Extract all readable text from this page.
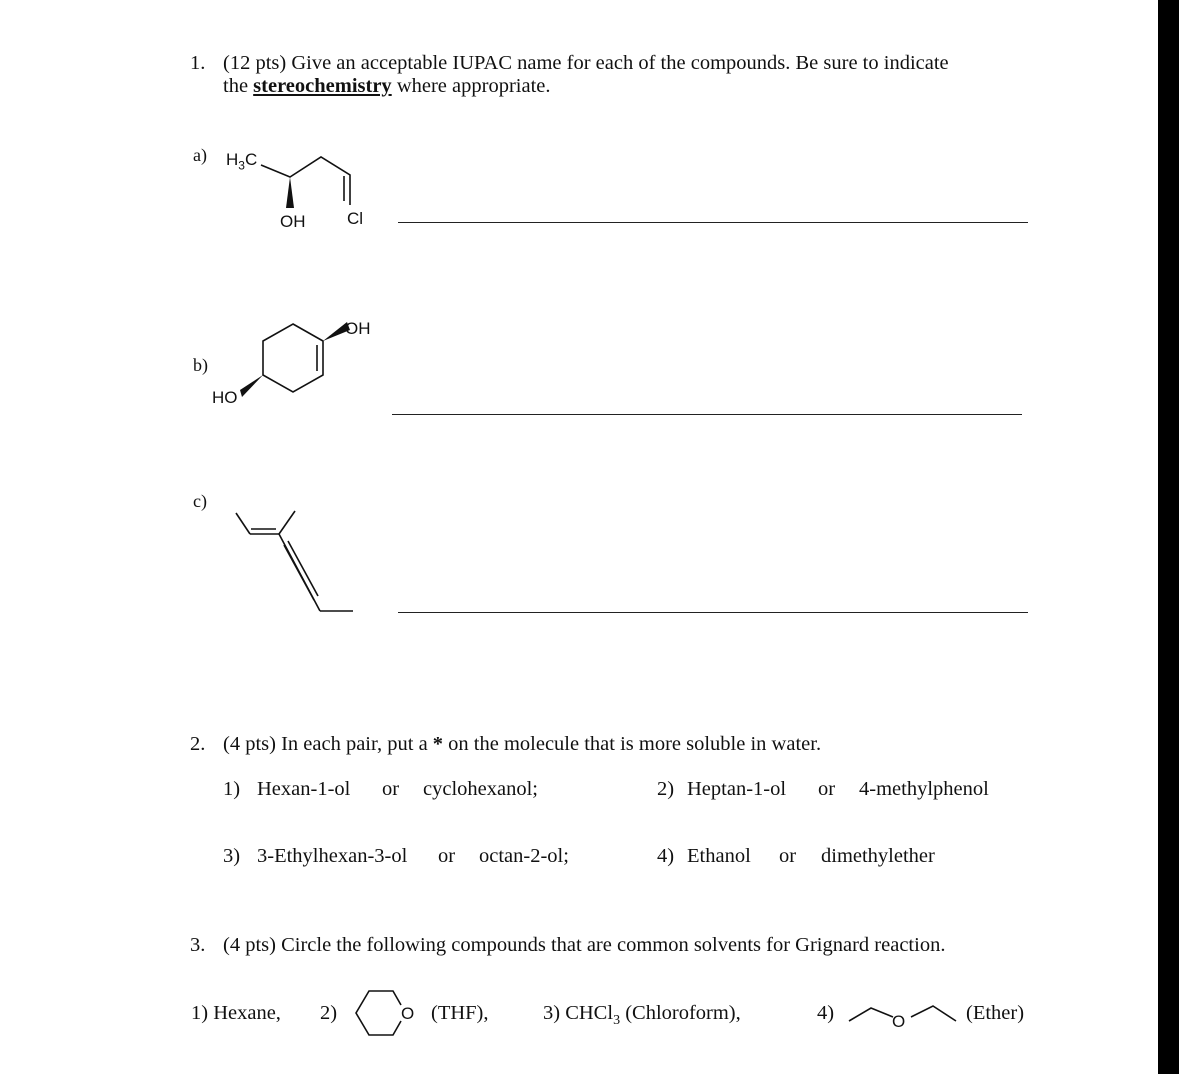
1. (12 pts) Give an acceptable IUPAC name for each of the compounds. Be sure to indicate
the stereochemistry where appropriate.
a) $H_3C$
OH Cl
b)
OH
HO
c)
2. (4 pts) In each pair, put a * on the molecule that is more soluble in water.
1) Hexan-1-ol or cyclohexanol;	2) Heptan-1-ol or 4-methylphenol
3) 3-Ethylhexan-3-ol or octan-2-ol;	4) Ethanol or dimethylether
3. (4 pts) Circle the following compounds that are common solvents for Grignard reaction.
1) Hexane, 2)	O (THF),	3) CHCl$_3$ (Chloroform),	4)	O	(Ether)
